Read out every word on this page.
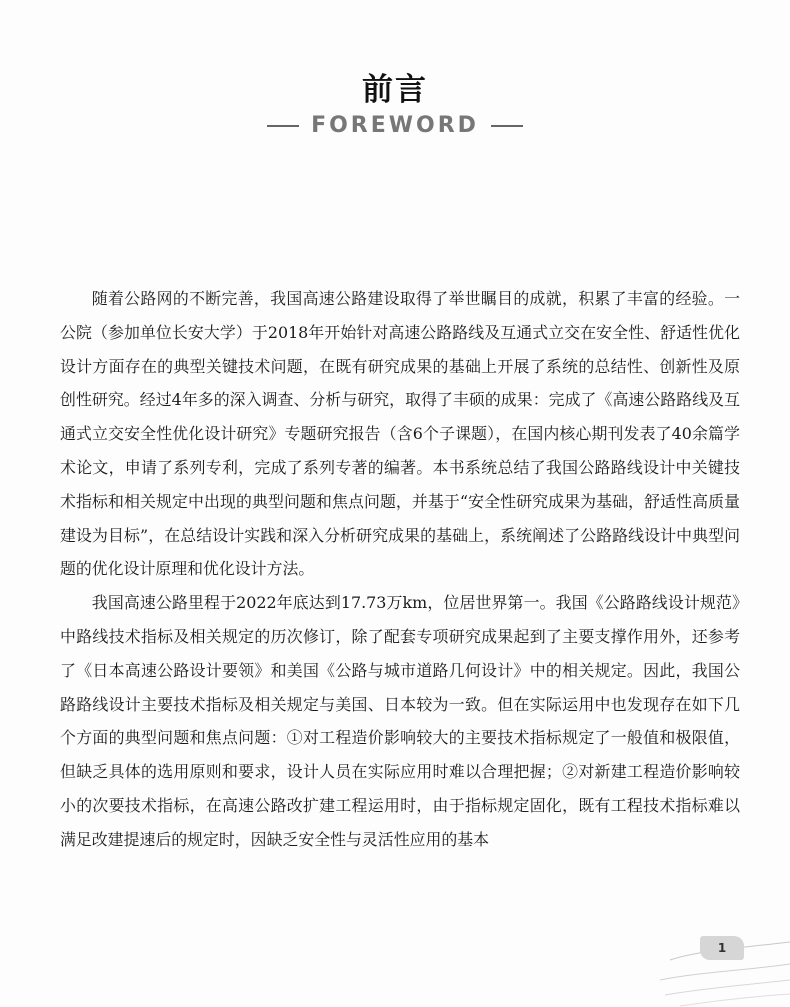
前言
FOREWORD

随着公路网的不断完善，我国高速公路建设取得了举世瞩目的成就，积累了丰富的经验。一公院（参加单位长安大学）于2018年开始针对高速公路路线及互通式立交在安全性、舒适性优化设计方面存在的典型关键技术问题，在既有研究成果的基础上开展了系统的总结性、创新性及原创性研究。经过4年多的深入调查、分析与研究，取得了丰硕的成果：完成了《高速公路路线及互通式立交安全性优化设计研究》专题研究报告（含6个子课题），在国内核心期刊发表了40余篇学术论文，申请了系列专利，完成了系列专著的编著。本书系统总结了我国公路路线设计中关键技术指标和相关规定中出现的典型问题和焦点问题，并基于“安全性研究成果为基础，舒适性高质量建设为目标”，在总结设计实践和深入分析研究成果的基础上，系统阐述了公路路线设计中典型问题的优化设计原理和优化设计方法。

我国高速公路里程于2022年底达到17.73万km，位居世界第一。我国《公路路线设计规范》中路线技术指标及相关规定的历次修订，除了配套专项研究成果起到了主要支撑作用外，还参考了《日本高速公路设计要领》和美国《公路与城市道路几何设计》中的相关规定。因此，我国公路路线设计主要技术指标及相关规定与美国、日本较为一致。但在实际运用中也发现存在如下几个方面的典型问题和焦点问题：①对工程造价影响较大的主要技术指标规定了一般值和极限值，但缺乏具体的选用原则和要求，设计人员在实际应用时难以合理把握；②对新建工程造价影响较小的次要技术指标，在高速公路改扩建工程运用时，由于指标规定固化，既有工程技术指标难以满足改建提速后的规定时，因缺乏安全性与灵活性应用的基本

1
